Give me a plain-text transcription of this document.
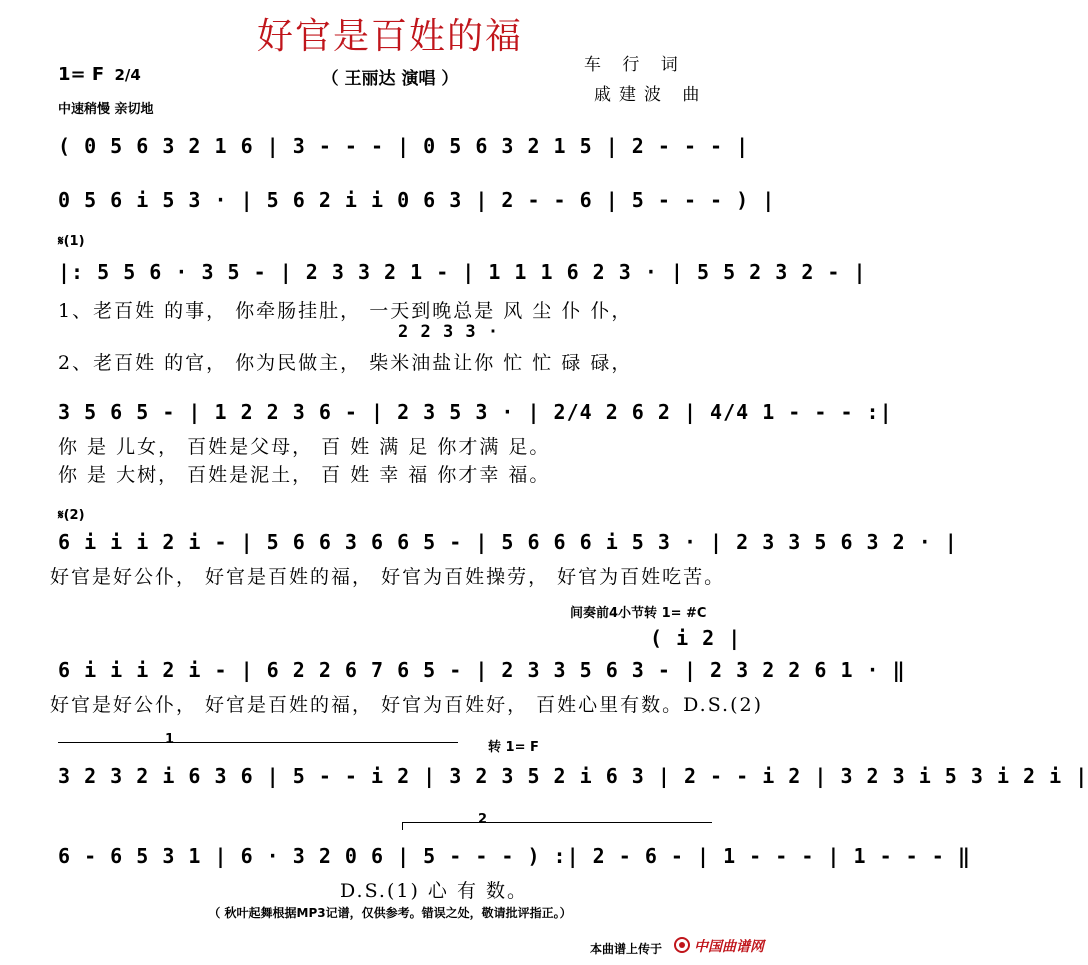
好官是百姓的福
（ 王丽达 演唱 ）
车 行 词
戚建波 曲
1= F 2/4
中速稍慢 亲切地
( 0 5 6 3 2 1 6 | 3 - - - | 0 5 6 3 2 1 5 | 2 - - - |
0 5 6 i 5 3 · | 5 6 2 i i 0 6 3 | 2 - - 6 | 5 - - - ) |
𝄋(1)
|: 5 5 6 · 3 5 - | 2 3 3 2 1 - | 1 1 1 6 2 3 · | 5 5 2 3 2 - |
1、老百姓 的事， 你牵肠挂肚， 一天到晚总是 风 尘 仆 仆，
2 2 3 3 ·
2、老百姓 的官， 你为民做主， 柴米油盐让你 忙 忙 碌 碌，
3 5 6 5 - | 1 2 2 3 6 - | 2 3 5 3 · | 2/4 2 6 2 | 4/4 1 - - - :|
你 是 儿女， 百姓是父母， 百 姓 满 足 你才满 足。
你 是 大树， 百姓是泥土， 百 姓 幸 福 你才幸 福。
𝄋(2)
6 i i i 2 i - | 5 6 6 3 6 6 5 - | 5 6 6 6 i 5 3 · | 2 3 3 5 6 3 2 · |
好官是好公仆， 好官是百姓的福， 好官为百姓操劳， 好官为百姓吃苦。
间奏前4小节转 1= #C
( i 2 |
6 i i i 2 i - | 6 2 2 6 7 6 5 - | 2 3 3 5 6 3 - | 2 3 2 2 6 1 · ‖
好官是好公仆， 好官是百姓的福， 好官为百姓好， 百姓心里有数。D.S.(2)
1
转 1= F
3 2 3 2 i 6 3 6 | 5 - - i 2 | 3 2 3 5 2 i 6 3 | 2 - - i 2 | 3 2 3 i 5 3 i 2 i |
2
6 - 6 5 3 1 | 6 · 3 2 0 6 | 5 - - - ) :| 2 - 6 - | 1 - - - | 1 - - - ‖
D.S.(1) 心 有 数。
（ 秋叶起舞根据MP3记谱，仅供参考。错误之处，敬请批评指正。）
本曲谱上传于 中国曲谱网
